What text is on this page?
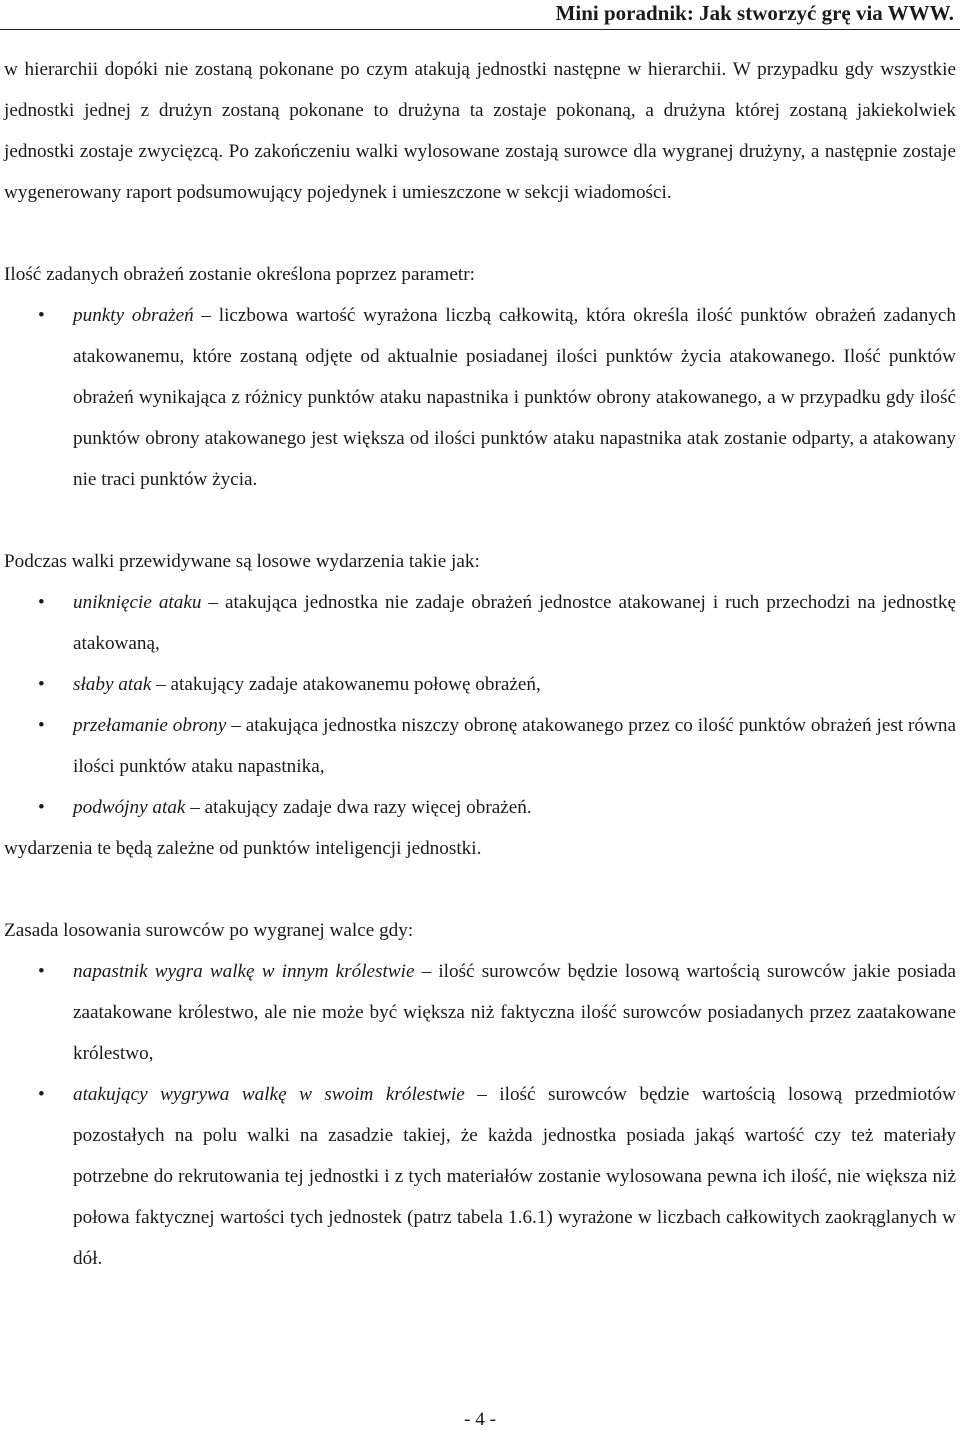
Mini poradnik: Jak stworzyć grę via WWW.

w hierarchii dopóki nie zostaną pokonane po czym atakują jednostki następne w hierarchii. W przypadku gdy wszystkie jednostki jednej z drużyn zostaną pokonane to drużyna ta zostaje pokonaną, a drużyna której zostaną jakiekolwiek jednostki zostaje zwycięzcą. Po zakończeniu walki wylosowane zostają surowce dla wygranej drużyny, a następnie zostaje wygenerowany raport podsumowujący pojedynek i umieszczone w sekcji wiadomości.

Ilość zadanych obrażeń zostanie określona poprzez parametr:

• punkty obrażeń – liczbowa wartość wyrażona liczbą całkowitą, która określa ilość punktów obrażeń zadanych atakowanemu, które zostaną odjęte od aktualnie posiadanej ilości punktów życia atakowanego. Ilość punktów obrażeń wynikająca z różnicy punktów ataku napastnika i punktów obrony atakowanego, a w przypadku gdy ilość punktów obrony atakowanego jest większa od ilości punktów ataku napastnika atak zostanie odparty, a atakowany nie traci punktów życia.

Podczas walki przewidywane są losowe wydarzenia takie jak:

• uniknięcie ataku – atakująca jednostka nie zadaje obrażeń jednostce atakowanej i ruch przechodzi na jednostkę atakowaną,
• słaby atak – atakujący zadaje atakowanemu połowę obrażeń,
• przełamanie obrony – atakująca jednostka niszczy obronę atakowanego przez co ilość punktów obrażeń jest równa ilości punktów ataku napastnika,
• podwójny atak – atakujący zadaje dwa razy więcej obrażeń.

wydarzenia te będą zależne od punktów inteligencji jednostki.

Zasada losowania surowców po wygranej walce gdy:

• napastnik wygra walkę w innym królestwie – ilość surowców będzie losową wartością surowców jakie posiada zaatakowane królestwo, ale nie może być większa niż faktyczna ilość surowców posiadanych przez zaatakowane królestwo,
• atakujący wygrywa walkę w swoim królestwie – ilość surowców będzie wartością losową przedmiotów pozostałych na polu walki na zasadzie takiej, że każda jednostka posiada jakąś wartość czy też materiały potrzebne do rekrutowania tej jednostki i z tych materiałów zostanie wylosowana pewna ich ilość, nie większa niż połowa faktycznej wartości tych jednostek (patrz tabela 1.6.1) wyrażone w liczbach całkowitych zaokrąglanych w dół.
- 4 -
